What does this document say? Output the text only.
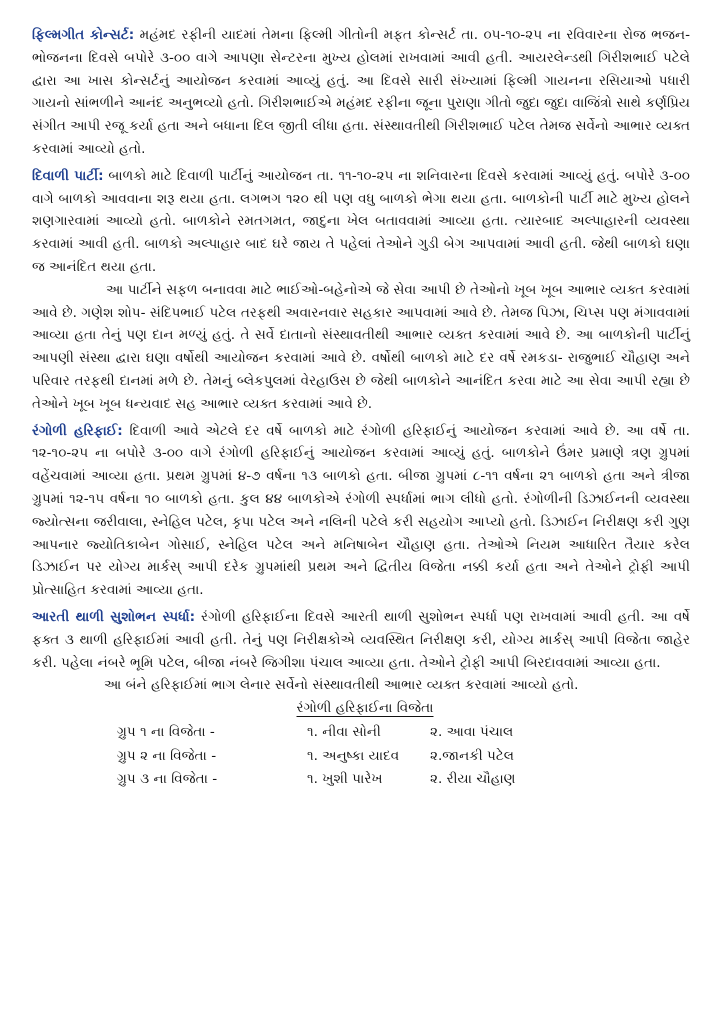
ફિલ્મગીત કોન્સર્ટ: મહંમદ રફીની યાદમાં તેમના ફિલ્મી ગીતોની મફત કોન્સર્ટ તા. ૦૫-૧૦-૨૫ ના રવિવારના રોજ ભજન-ભોજનના દિવસે બપોરે ૩-૦૦ વાગે આપણા સેન્ટરના મુખ્ય હોલમાં રાખવામાં આવી હતી. આયરલેન્ડથી ગિરીશભાઈ પટેલે દ્વારા આ ખાસ કોન્સર્ટનું આયોજન કરવામાં આવ્યું હતું. આ દિવસે સારી સંખ્યામાં ફિલ્મી ગાયનના રસિયાઓ પધારી ગાયનો સાંભળીને આનંદ અનુભવ્યો હતો. ગિરીશભાઈએ મહંમદ રફીના જૂના પુરાણા ગીતો જુદા જુદા વાજિંત્રો સાથે કર્ણપ્રિય સંગીત આપી રજૂ કર્યા હતા અને બધાના દિલ જીતી લીધા હતા. સંસ્થાવતીથી ગિરીશભાઈ પટેલ તેમજ સર્વેનો આભાર વ્યક્ત કરવામાં આવ્યો હતો.

દિવાળી પાર્ટી: બાળકો માટે દિવાળી પાર્ટીનું આયોજન તા. ૧૧-૧૦-૨૫ ના શનિવારના દિવસે કરવામાં આવ્યું હતું. બપોરે ૩-૦૦ વાગે બાળકો આવવાના શરૂ થયા હતા. લગભગ ૧૨૦ થી પણ વધુ બાળકો ભેગા થયા હતા. બાળકોની પાર્ટી માટે મુખ્ય હોલને શણગારવામાં આવ્યો હતો. બાળકોને રમતગમત, જાદુના ખેલ બતાવવામાં આવ્યા હતા. ત્યારબાદ અલ્પાહારની વ્યવસ્થા કરવામાં આવી હતી. બાળકો અલ્પાહાર બાદ ઘરે જાય તે પહેલાં તેઓને ગુડી બેગ આપવામાં આવી હતી. જેથી બાળકો ઘણા જ આનંદિત થયા હતા.

આ પાર્ટીને સફળ બનાવવા માટે ભાઈઓ-બહેનોએ જે સેવા આપી છે તેઓનો ખૂબ ખૂબ આભાર વ્યક્ત કરવામાં આવે છે. ગણેશ શોપ- સંદિપભાઈ પટેલ તરફથી અવારનવાર સહકાર આપવામાં આવે છે. તેમજ પિઝા, ચિપ્સ પણ મંગાવવામાં આવ્યા હતા તેનું પણ દાન મળ્યું હતું. તે સર્વે દાતાનો સંસ્થાવતીથી આભાર વ્યક્ત કરવામાં આવે છે. આ બાળકોની પાર્ટીનું આપણી સંસ્થા દ્વારા ઘણા વર્ષોથી આયોજન કરવામાં આવે છે. વર્ષોથી બાળકો માટે દર વર્ષે રમકડા- રાજુભાઈ ચૌહાણ અને પરિવાર તરફથી દાનમાં મળે છે. તેમનું બ્લેકપુલમાં વેરહાઉસ છે જેથી બાળકોને આનંદિત કરવા માટે આ સેવા આપી રહ્યા છે તેઓને ખૂબ ખૂબ ધન્યવાદ સહ આભાર વ્યક્ત કરવામાં આવે છે.

રંગોળી હરિફાઈ: દિવાળી આવે એટલે દર વર્ષે બાળકો માટે રંગોળી હરિફાઈનું આયોજન કરવામાં આવે છે. આ વર્ષે તા. ૧૨-૧૦-૨૫ ના બપોરે ૩-૦૦ વાગે રંગોળી હરિફાઈનું આયોજન કરવામાં આવ્યું હતું. બાળકોને ઉંમર પ્રમાણે ત્રણ ગ્રુપમાં વહેંચવામાં આવ્યા હતા. પ્રથમ ગ્રુપમાં ૪-૭ વર્ષના ૧૩ બાળકો હતા. બીજા ગ્રુપમાં ૮-૧૧ વર્ષના ૨૧ બાળકો હતા અને ત્રીજા ગ્રુપમાં ૧૨-૧૫ વર્ષના ૧૦ બાળકો હતા. કુલ ૪૪ બાળકોએ રંગોળી સ્પર્ધામાં ભાગ લીધો હતો. રંગોળીની ડિઝાઈનની વ્યવસ્થા જ્યોત્સના જરીવાલા, સ્નેહિલ પટેલ, કૃપા પટેલ અને નલિની પટેલે કરી સહયોગ આપ્યો હતો. ડિઝાઈન નિરીક્ષણ કરી ગુણ આપનાર જ્યોતિકાબેન ગોસાઈ, સ્નેહિલ પટેલ અને મનિષાબેન ચૌહાણ હતા. તેઓએ નિયમ આધારિત તૈયાર કરેલ ડિઝાઈન પર યોગ્ય માર્કસ્ આપી દરેક ગ્રુપમાંથી પ્રથમ અને દ્વિતીય વિજેતા નક્કી કર્યા હતા અને તેઓને ટ્રોફી આપી પ્રોત્સાહિત કરવામાં આવ્યા હતા.

આરતી થાળી સુશોભન સ્પર્ધા: રંગોળી હરિફાઈના દિવસે આરતી થાળી સુશોભન સ્પર્ધા પણ રાખવામાં આવી હતી. આ વર્ષે ફક્ત ૩ થાળી હરિફાઈમાં આવી હતી. તેનું પણ નિરીક્ષકોએ વ્યવસ્થિત નિરીક્ષણ કરી, યોગ્ય માર્કસ્ આપી વિજેતા જાહેર કરી. પહેલા નંબરે ભૂમિ પટેલ, બીજા નંબરે જિગીશા પંચાલ આવ્યા હતા. તેઓને ટ્રોફી આપી બિરદાવવામાં આવ્યા હતા.

આ બંને હરિફાઈમાં ભાગ લેનાર સર્વેનો સંસ્થાવતીથી આભાર વ્યક્ત કરવામાં આવ્યો હતો.

રંગોળી હરિફાઈના વિજેતા

ગ્રુપ ૧ ના વિજેતા -	૧. નીવા સોની	૨. આવા પંચાલ
ગ્રુપ ૨ ના વિજેતા -	૧. અનુષ્કા યાદવ	૨.જાનકી પટેલ
ગ્રુપ ૩ ના વિજેતા -	૧. ખુશી પારેખ	૨. રીયા ચૌહાણ
